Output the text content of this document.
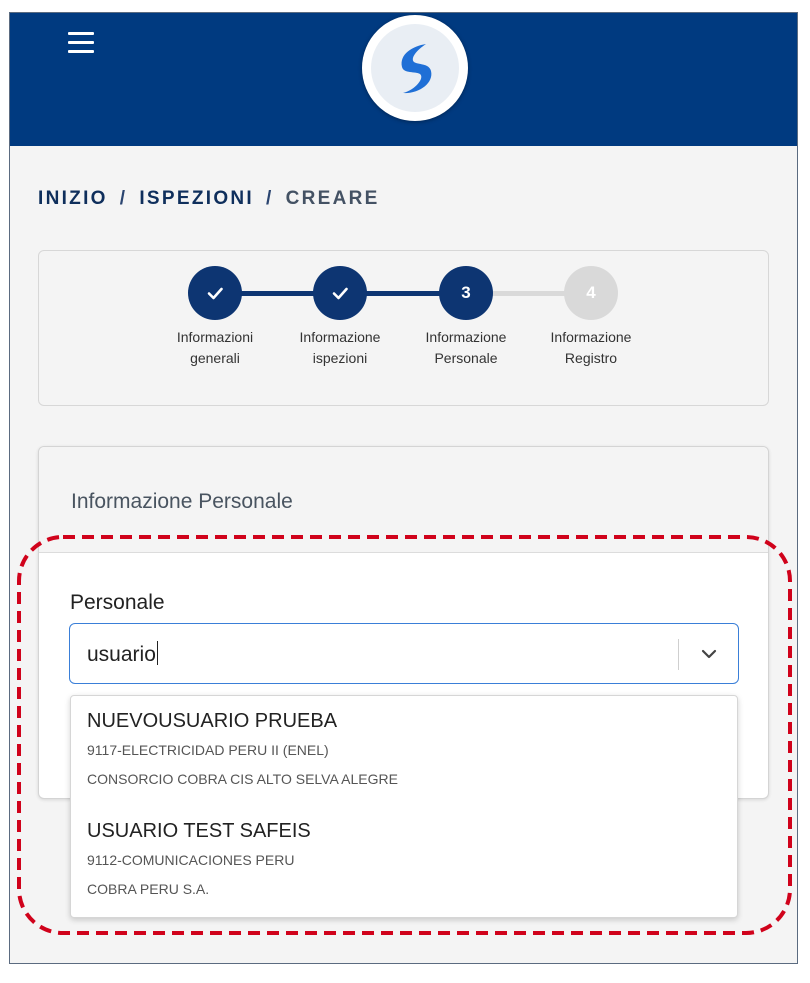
INIZIO / ISPEZIONI / CREARE
3	4
Informazioni
generali
Informazione
ispezioni
Informazione
Personale
Informazione
Registro
Informazione Personale
Personale
usuario
NUEVOUSUARIO PRUEBA
9117-ELECTRICIDAD PERU II (ENEL)
CONSORCIO COBRA CIS ALTO SELVA ALEGRE
USUARIO TEST SAFEIS
9112-COMUNICACIONES PERU
COBRA PERU S.A.
